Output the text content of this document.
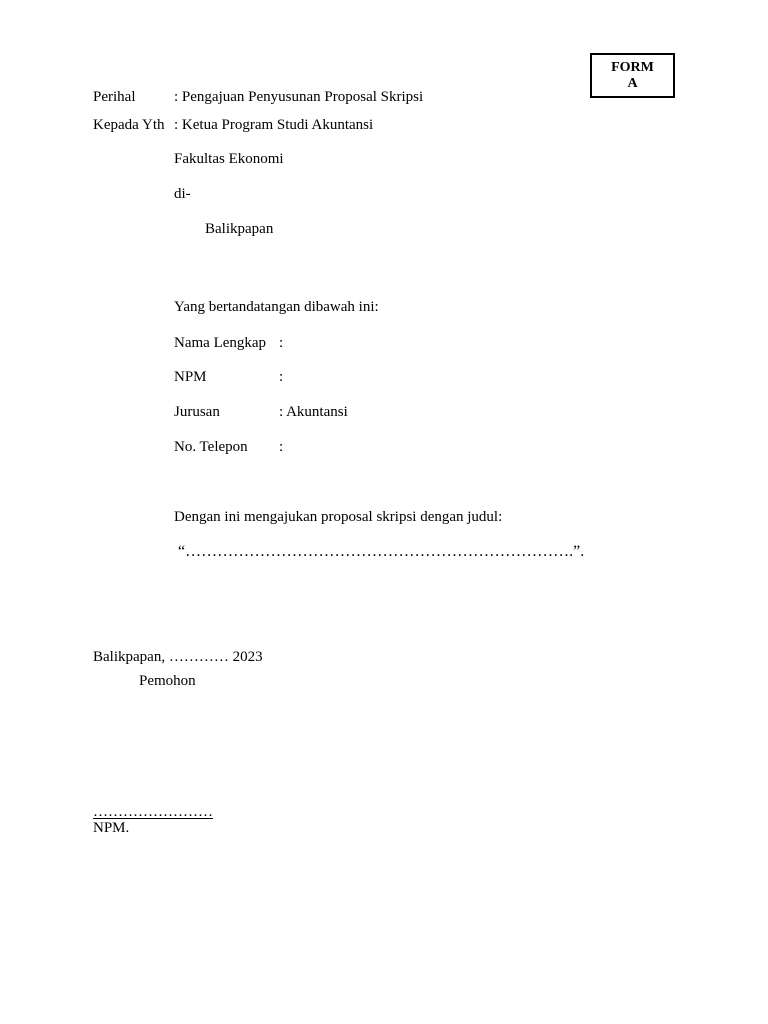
FORM
A
Perihal	: Pengajuan Penyusunan Proposal Skripsi
Kepada Yth : Ketua Program Studi Akuntansi
Fakultas Ekonomi
di-
Balikpapan
Yang bertandatangan dibawah ini:
Nama Lengkap :
NPM	:
Jurusan	: Akuntansi
No. Telepon :
Dengan ini mengajukan proposal skripsi dengan judul:
“……………………………………………………………….”.
Balikpapan, ………… 2023
Pemohon
……………………
NPM.
